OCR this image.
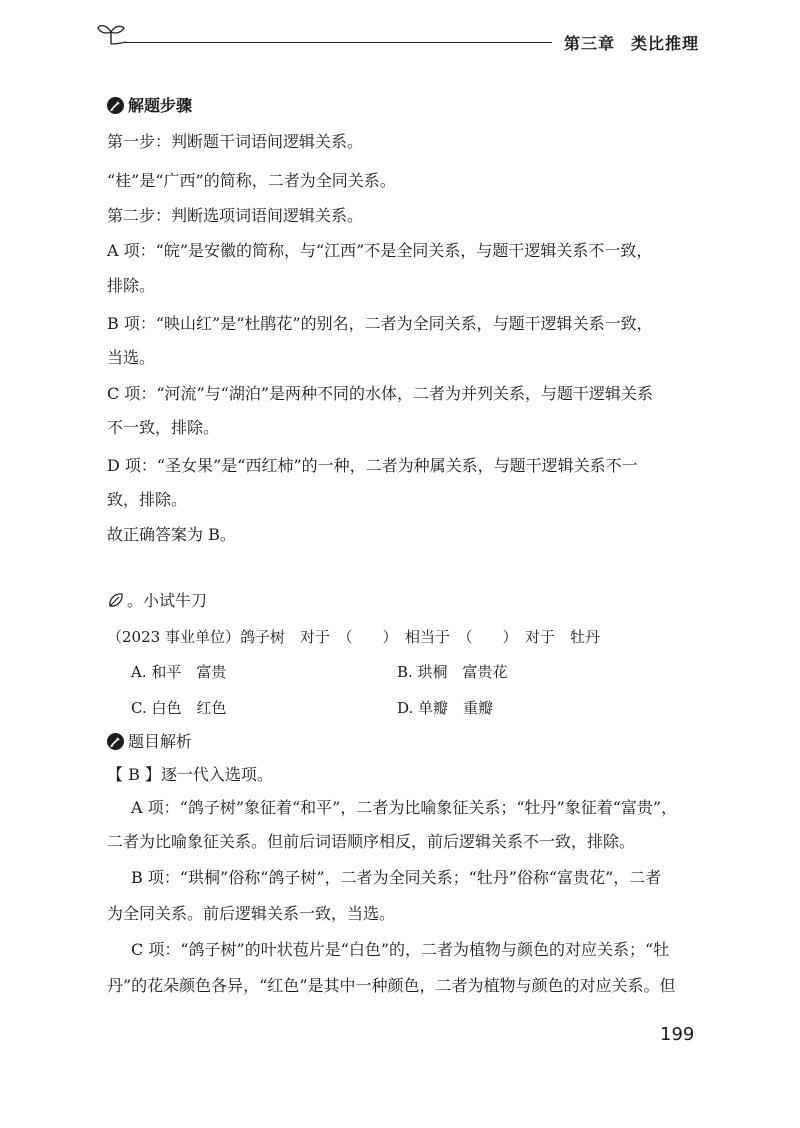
第三章 类比推理
解题步骤
第一步：判断题干词语间逻辑关系。
“桂”是“广西”的简称，二者为全同关系。
第二步：判断选项词语间逻辑关系。
A 项：“皖”是安徽的简称，与“江西”不是全同关系，与题干逻辑关系不一致，
排除。
B 项：“映山红”是“杜鹃花”的别名，二者为全同关系，与题干逻辑关系一致，
当选。
C 项：“河流”与“湖泊”是两种不同的水体，二者为并列关系，与题干逻辑关系
不一致，排除。
D 项：“圣女果”是“西红柿”的一种，二者为种属关系，与题干逻辑关系不一
致，排除。
故正确答案为 B。
。小试牛刀
（2023 事业单位）鸽子树　对于　（　　）　相当于　（　　）　对于　牡丹
A. 和平　富贵	B. 珙桐　富贵花
C. 白色　红色	D. 单瓣　重瓣
题目解析
【 B 】逐一代入选项。
A 项：“鸽子树”象征着“和平”，二者为比喻象征关系；“牡丹”象征着“富贵”，
二者为比喻象征关系。但前后词语顺序相反，前后逻辑关系不一致，排除。
B 项：“珙桐”俗称“鸽子树”，二者为全同关系；“牡丹”俗称“富贵花”，二者
为全同关系。前后逻辑关系一致，当选。
C 项：“鸽子树”的叶状苞片是“白色”的，二者为植物与颜色的对应关系；“牡
丹”的花朵颜色各异，“红色”是其中一种颜色，二者为植物与颜色的对应关系。但
199
